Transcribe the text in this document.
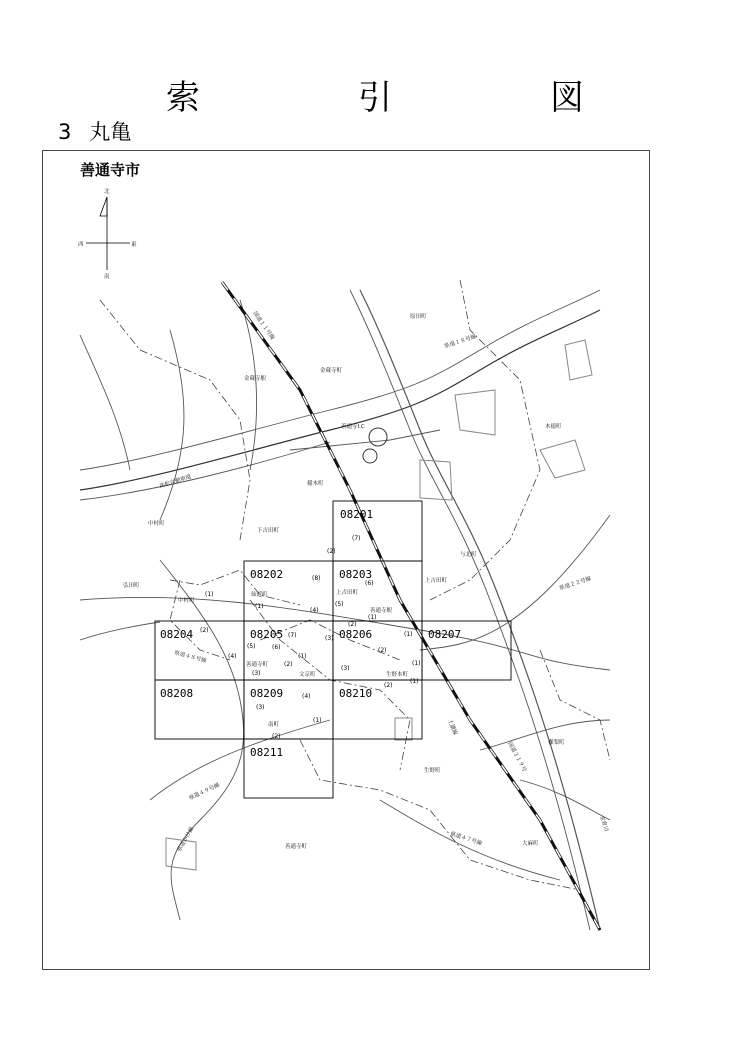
索　引　図
3 丸亀
善通寺市
北
南
東
西
08201
08202	08203
08204	08205	08206	08207
08208	08209	08210
08211
(7)
(8)
(6)
(1)
(5)
(2)
(4)
(1)
(2)
(7)	(3)
(1)
(2)
(5)	(6)
(4)	(1)
(3)
(2)
(3)
(2)
(1)
(1)
(2)
(3)
(4)
(1)
(2)
(1)
原田町
県道１８号線
金蔵寺町
金蔵寺駅
善通寺I.C	木徳町
高松自動車道	稲木町
中村町
下吉田町
与北町
弘田町
中村町
仙遊町	上吉田町
上吉田町	県道２２号線
善通寺駅
県道４８号線
善通寺町
文京町	生野本町
南町
生野町
県道４９号線
土讃線
国道３１９号	櫛梨町
金倉川
県道４７号線	大麻町
善通寺町
国道１１号線
県道かけ線
